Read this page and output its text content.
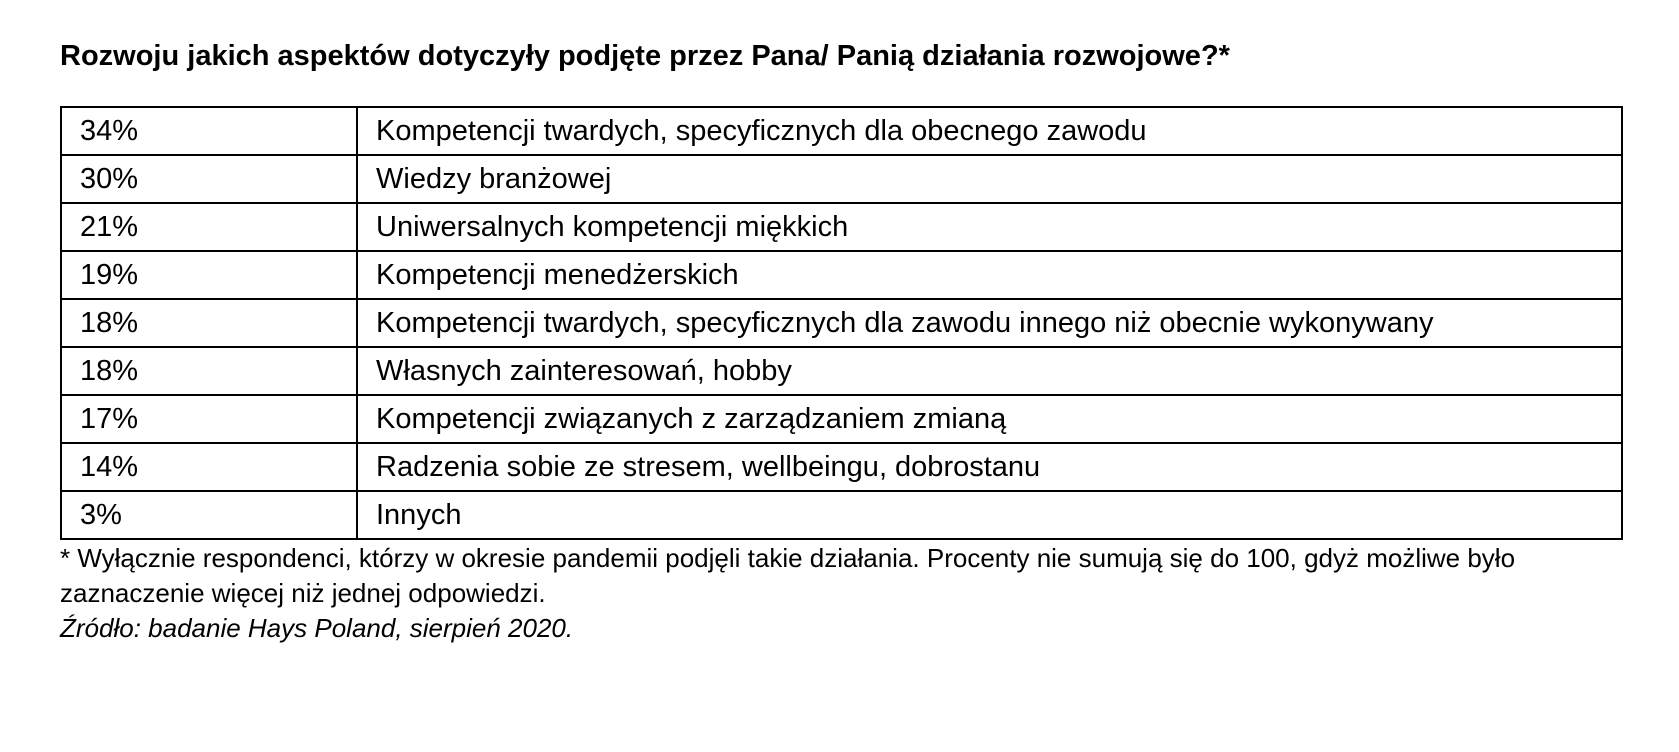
Rozwoju jakich aspektów dotyczyły podjęte przez Pana/ Panią działania rozwojowe?*
34%	Kompetencji twardych, specyficznych dla obecnego zawodu
30%	Wiedzy branżowej
21%	Uniwersalnych kompetencji miękkich
19%	Kompetencji menedżerskich
18%	Kompetencji twardych, specyficznych dla zawodu innego niż obecnie wykonywany
18%	Własnych zainteresowań, hobby
17%	Kompetencji związanych z zarządzaniem zmianą
14%	Radzenia sobie ze stresem, wellbeingu, dobrostanu
3%	Innych
* Wyłącznie respondenci, którzy w okresie pandemii podjęli takie działania. Procenty nie sumują się do 100, gdyż możliwe było zaznaczenie więcej niż jednej odpowiedzi.
Źródło: badanie Hays Poland, sierpień 2020.
